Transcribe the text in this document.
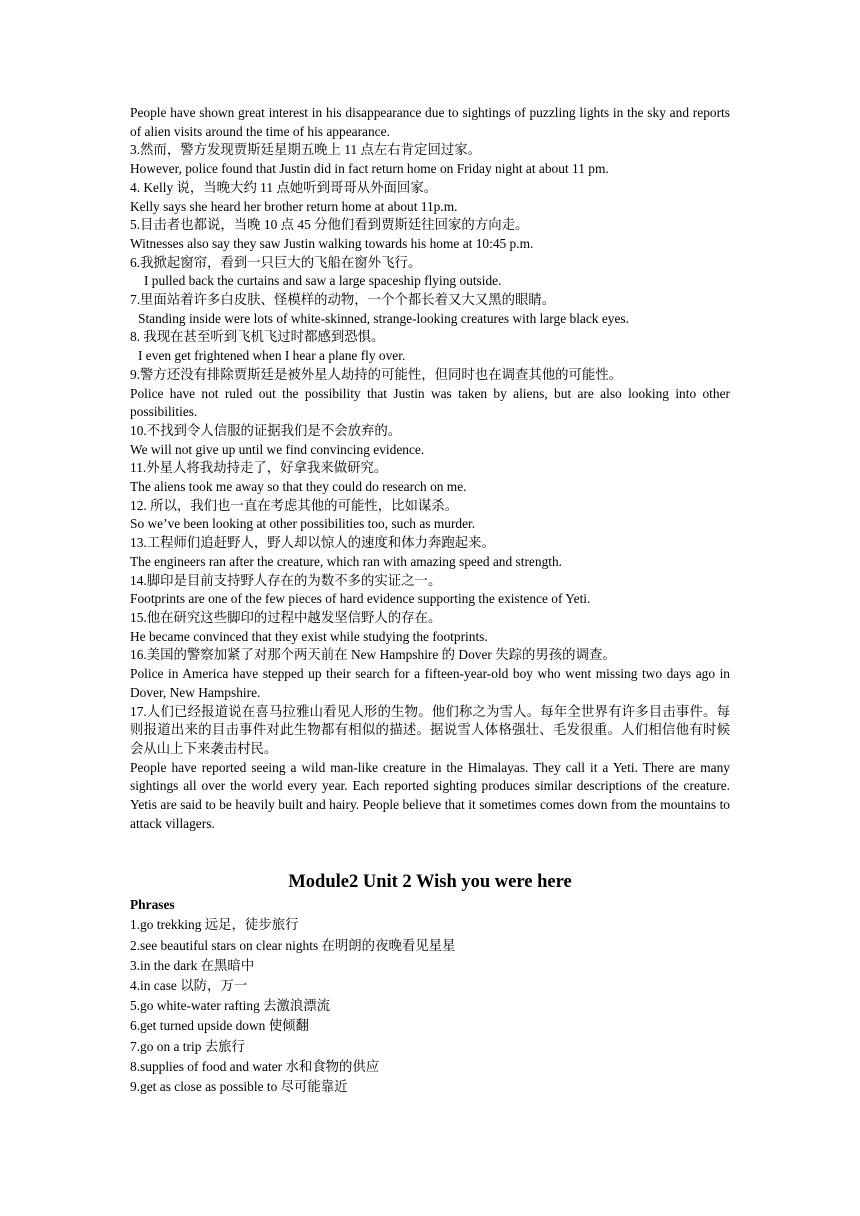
People have shown great interest in his disappearance due to sightings of puzzling lights in the sky and reports of alien visits around the time of his appearance.
3.然而，警方发现贾斯廷星期五晚上 11 点左右肯定回过家。
However, police found that Justin did in fact return home on Friday night at about 11 pm.
4. Kelly 说，当晚大约 11 点她听到哥哥从外面回家。
Kelly says she heard her brother return home at about 11p.m.
5.目击者也都说，当晚 10 点 45 分他们看到贾斯廷往回家的方向走。
Witnesses also say they saw Justin walking towards his home at 10:45 p.m.
6.我掀起窗帘，看到一只巨大的飞船在窗外飞行。
I pulled back the curtains and saw a large spaceship flying outside.
7.里面站着许多白皮肤、怪模样的动物，一个个都长着又大又黑的眼睛。
Standing inside were lots of white-skinned, strange-looking creatures with large black eyes.
8. 我现在甚至听到飞机飞过时都感到恐惧。
I even get frightened when I hear a plane fly over.
9.警方还没有排除贾斯廷是被外星人劫持的可能性，但同时也在调查其他的可能性。
Police have not ruled out the possibility that Justin was taken by aliens, but are also looking into other possibilities.
10.不找到令人信服的证据我们是不会放弃的。
We will not give up until we find convincing evidence.
11.外星人将我劫持走了，好拿我来做研究。
The aliens took me away so that they could do research on me.
12. 所以，我们也一直在考虑其他的可能性，比如谋杀。
So we’ve been looking at other possibilities too, such as murder.
13.工程师们追赶野人，野人却以惊人的速度和体力奔跑起来。
The engineers ran after the creature, which ran with amazing speed and strength.
14.脚印是目前支持野人存在的为数不多的实证之一。
Footprints are one of the few pieces of hard evidence supporting the existence of Yeti.
15.他在研究这些脚印的过程中越发坚信野人的存在。
He became convinced that they exist while studying the footprints.
16.美国的警察加紧了对那个两天前在 New Hampshire 的 Dover 失踪的男孩的调查。
Police in America have stepped up their search for a fifteen-year-old boy who went missing two days ago in Dover, New Hampshire.
17.人们已经报道说在喜马拉雅山看见人形的生物。他们称之为雪人。每年全世界有许多目击事件。每则报道出来的目击事件对此生物都有相似的描述。据说雪人体格强壮、毛发很重。人们相信他有时候会从山上下来袭击村民。
People have reported seeing a wild man-like creature in the Himalayas. They call it a Yeti. There are many sightings all over the world every year. Each reported sighting produces similar descriptions of the creature. Yetis are said to be heavily built and hairy. People believe that it sometimes comes down from the mountains to attack villagers.
Module2 Unit 2 Wish you were here
Phrases
1.go trekking 远足，徒步旅行
2.see beautiful stars on clear nights 在明朗的夜晚看见星星
3.in the dark 在黑暗中
4.in case 以防，万一
5.go white-water rafting 去激浪漂流
6.get turned upside down 使倾翻
7.go on a trip 去旅行
8.supplies of food and water 水和食物的供应
9.get as close as possible to 尽可能靠近
